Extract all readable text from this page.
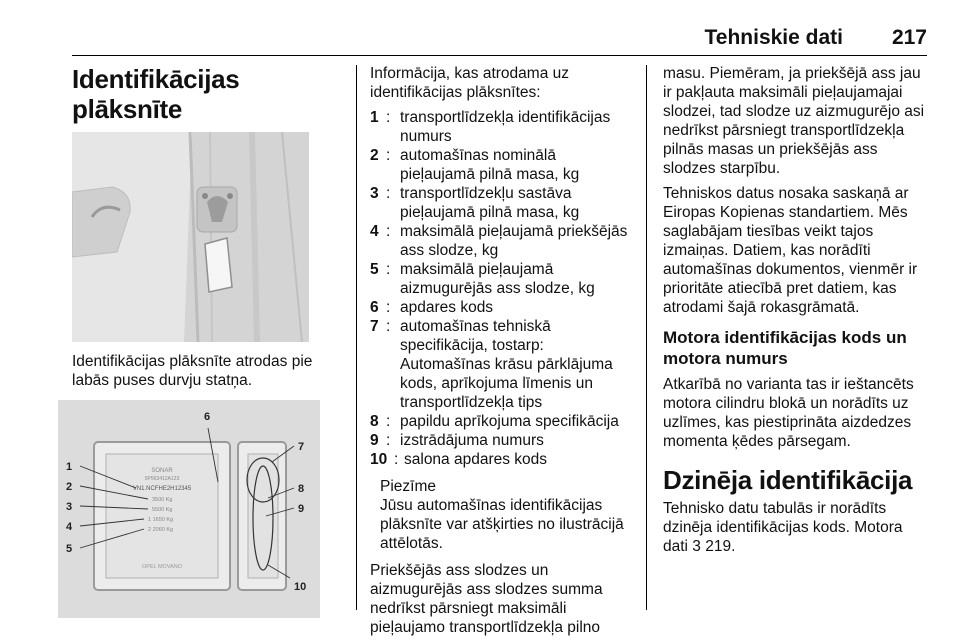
Tehniskie dati 217
Identifikācijas plāksnīte

Identifikācijas plāksnīte atrodas pie labās puses durvju statņa.

SONAR
5P563412A123
VN1.NCFHE2H12345
3500 Kg
5500 Kg
1 1650 Kg
2 2060 Kg
OPEL MOVANO
1
2
3
4
5
6
7
8
9
10

Informācija, kas atrodama uz identifikācijas plāksnītes:

1 : transportlīdzekļa identifikācijas numurs
2 : automašīnas nominālā pieļaujamā pilnā masa, kg
3 : transportlīdzekļu sastāva pieļaujamā pilnā masa, kg
4 : maksimālā pieļaujamā priekšējās ass slodze, kg
5 : maksimālā pieļaujamā aizmugurējās ass slodze, kg
6 : apdares kods
7 : automašīnas tehniskā specifikācija, tostarp: Automašīnas krāsu pārklājuma kods, aprīkojuma līmenis un transportlīdzekļa tips
8 : papildu aprīkojuma specifikācija
9 : izstrādājuma numurs
10 : salona apdares kods
Piezīme
Jūsu automašīnas identifikācijas plāksnīte var atšķirties no ilustrācijā attēlotās.

Priekšējās ass slodzes un aizmugurējās ass slodzes summa nedrīkst pārsniegt maksimāli pieļaujamo transportlīdzekļa pilno

masu. Piemēram, ja priekšējā ass jau ir pakļauta maksimāli pieļaujamajai slodzei, tad slodze uz aizmugurējo asi nedrīkst pārsniegt transportlīdzekļa pilnās masas un priekšējās ass slodzes starpību.

Tehniskos datus nosaka saskaņā ar Eiropas Kopienas standartiem. Mēs saglabājam tiesības veikt tajos izmaiņas. Datiem, kas norādīti automašīnas dokumentos, vienmēr ir prioritāte atiecībā pret datiem, kas atrodami šajā rokasgrāmatā.

Motora identifikācijas kods un motora numurs

Atkarībā no varianta tas ir ieštancēts motora cilindru blokā un norādīts uz uzlīmes, kas piestiprināta aizdedzes momenta ķēdes pārsegam.

Dzinēja identifikācija

Tehnisko datu tabulās ir norādīts dzinēja identifikācijas kods. Motora dati 3 219.
